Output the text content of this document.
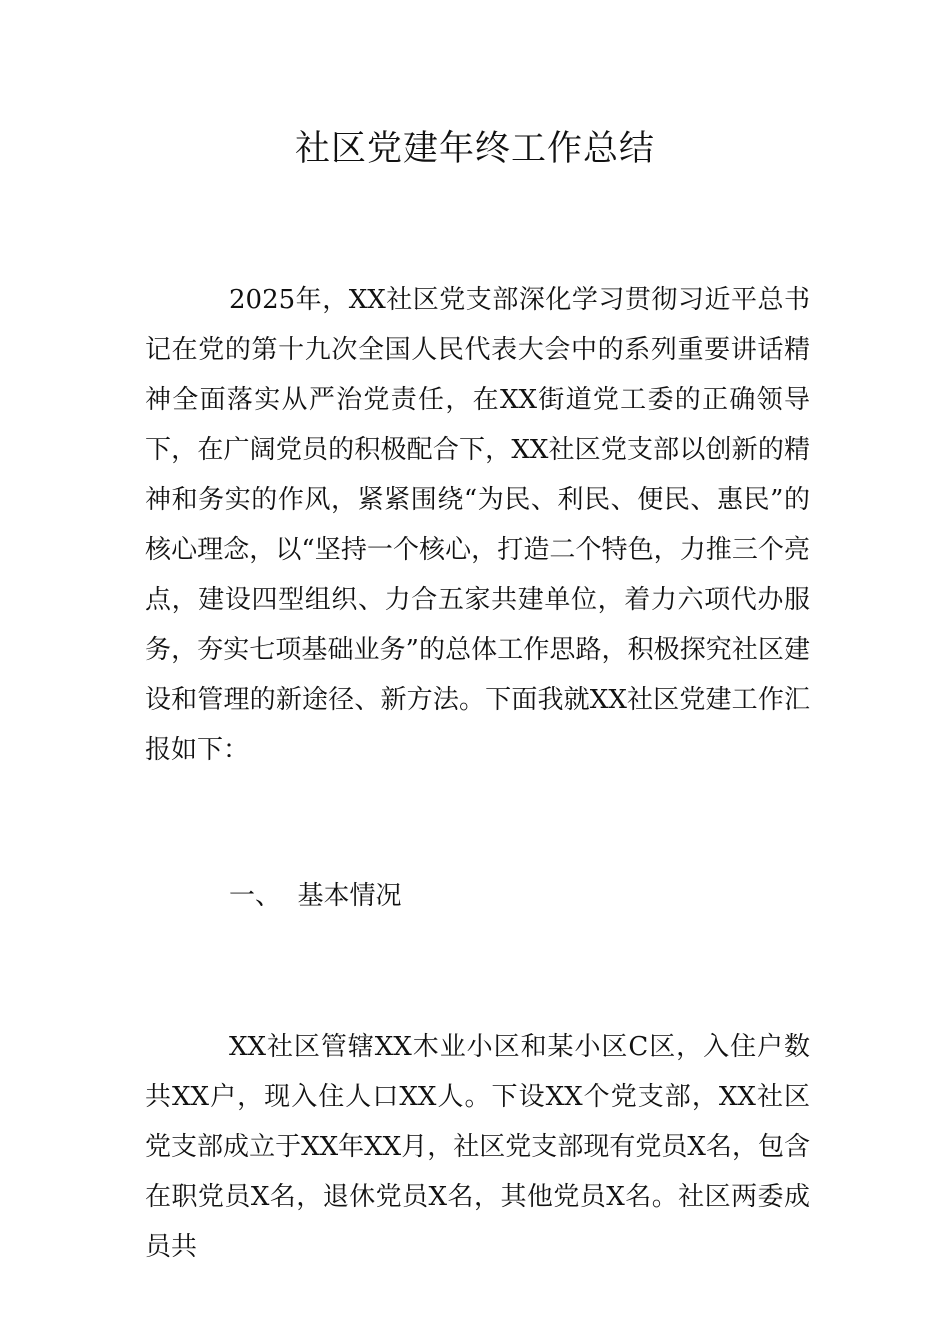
社区党建年终工作总结

2025年，XX社区党支部深化学习贯彻习近平总书记在党的第十九次全国人民代表大会中的系列重要讲话精神全面落实从严治党责任，在XX街道党工委的正确领导下，在广阔党员的积极配合下，XX社区党支部以创新的精神和务实的作风，紧紧围绕“为民、利民、便民、惠民”的核心理念，以“坚持一个核心，打造二个特色，力推三个亮点，建设四型组织、力合五家共建单位，着力六项代办服务，夯实七项基础业务”的总体工作思路，积极探究社区建设和管理的新途径、新方法。下面我就XX社区党建工作汇报如下：

一、  基本情况

XX社区管辖XX木业小区和某小区C区，入住户数共XX户，现入住人口XX人。下设XX个党支部，XX社区党支部成立于XX年XX月，社区党支部现有党员X名，包含在职党员X名，退休党员X名，其他党员X名。社区两委成员共
